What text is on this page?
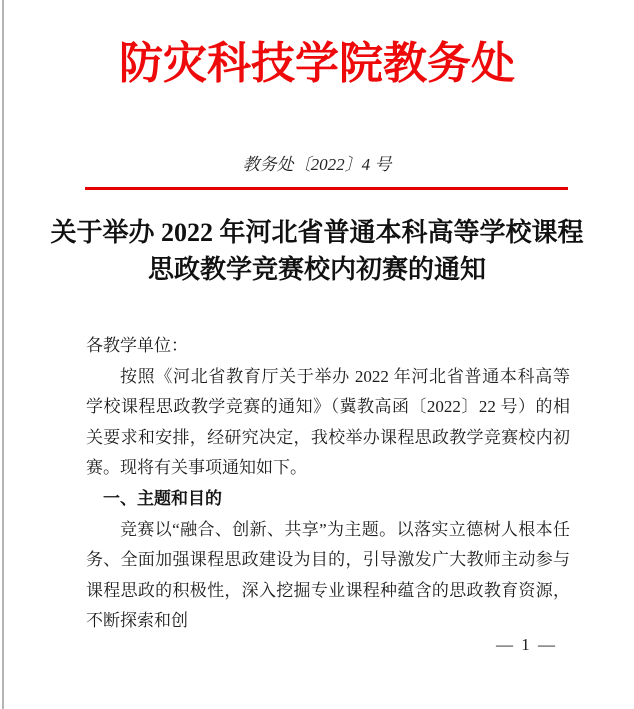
防灾科技学院教务处
教务处〔2022〕4 号
关于举办 2022 年河北省普通本科高等学校课程
思政教学竞赛校内初赛的通知

各教学单位：

按照《河北省教育厅关于举办 2022 年河北省普通本科高等学校课程思政教学竞赛的通知》（冀教高函〔2022〕22 号）的相关要求和安排，经研究决定，我校举办课程思政教学竞赛校内初赛。现将有关事项通知如下。

一、主题和目的

竞赛以“融合、创新、共享”为主题。以落实立德树人根本任务、全面加强课程思政建设为目的，引导激发广大教师主动参与课程思政的积极性，深入挖掘专业课程种蕴含的思政教育资源，不断探索和创

— 1 —
